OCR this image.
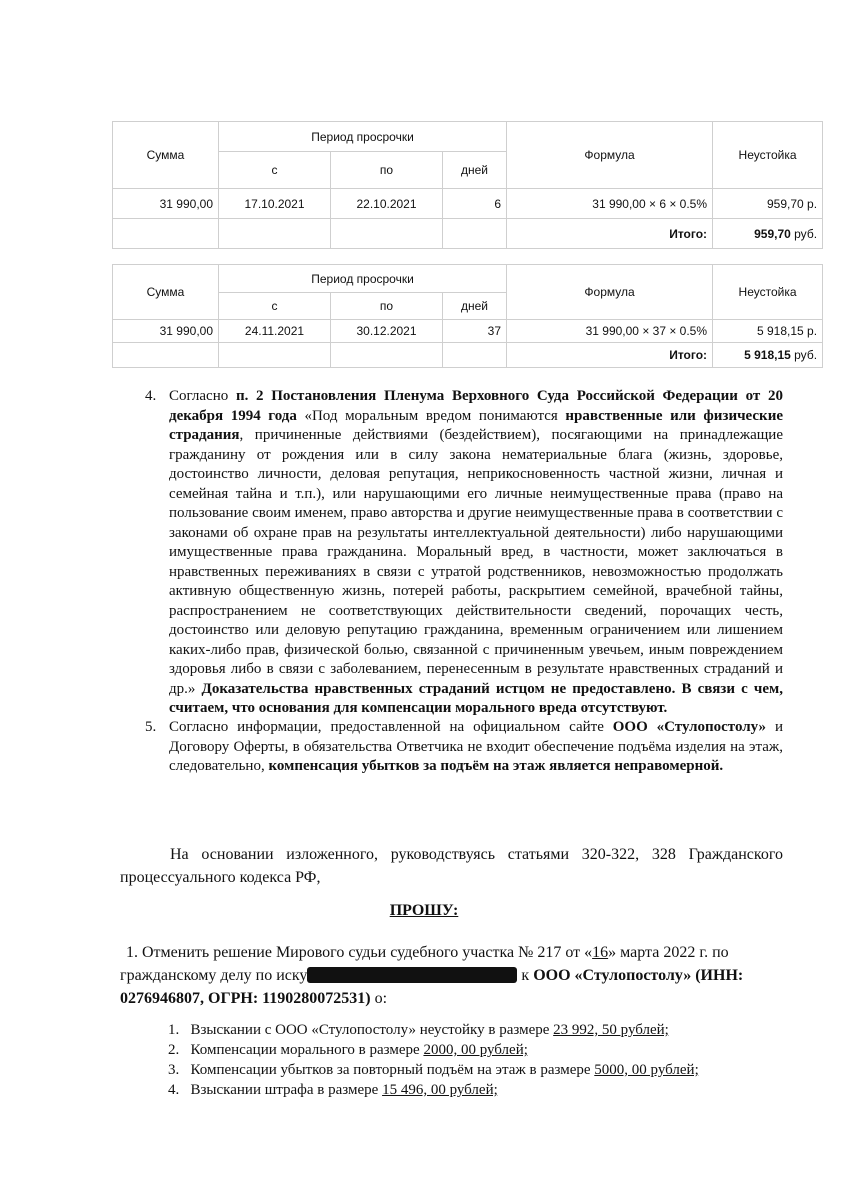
Сумма	Период просрочки			Формула	Неустойка
	с	по	дней		
31 990,00	17.10.2021	22.10.2021	6	31 990,00 × 6 × 0.5%	959,70 р.
				Итого:	959,70 руб.
Сумма	Период просрочки			Формула	Неустойка
	с	по	дней		
31 990,00	24.11.2021	30.12.2021	37	31 990,00 × 37 × 0.5%	5 918,15 р.
				Итого:	5 918,15 руб.
4. Согласно п. 2 Постановления Пленума Верховного Суда Российской Федерации от 20 декабря 1994 года «Под моральным вредом понимаются нравственные или физические страдания, причиненные действиями (бездействием), посягающими на принадлежащие гражданину от рождения или в силу закона нематериальные блага (жизнь, здоровье, достоинство личности, деловая репутация, неприкосновенность частной жизни, личная и семейная тайна и т.п.), или нарушающими его личные неимущественные права (право на пользование своим именем, право авторства и другие неимущественные права в соответствии с законами об охране прав на результаты интеллектуальной деятельности) либо нарушающими имущественные права гражданина. Моральный вред, в частности, может заключаться в нравственных переживаниях в связи с утратой родственников, невозможностью продолжать активную общественную жизнь, потерей работы, раскрытием семейной, врачебной тайны, распространением не соответствующих действительности сведений, порочащих честь, достоинство или деловую репутацию гражданина, временным ограничением или лишением каких-либо прав, физической болью, связанной с причиненным увечьем, иным повреждением здоровья либо в связи с заболеванием, перенесенным в результате нравственных страданий и др.» Доказательства нравственных страданий истцом не предоставлено. В связи с чем, считаем, что основания для компенсации морального вреда отсутствуют.
5. Согласно информации, предоставленной на официальном сайте ООО «Стулопостолу» и Договору Оферты, в обязательства Ответчика не входит обеспечение подъёма изделия на этаж, следовательно, компенсация убытков за подъём на этаж является неправомерной.
На основании изложенного, руководствуясь статьями 320-322, 328 Гражданского процессуального кодекса РФ,
ПРОШУ:
1. Отменить решение Мирового судьи судебного участка № 217 от «16» марта 2022 г. по гражданскому делу по иску	к ООО «Стулопостолу» (ИНН: 0276946807, ОГРН: 1190280072531) о:
1. Взыскании с ООО «Стулопостолу» неустойку в размере 23 992, 50 рублей;
2. Компенсации морального в размере 2000, 00 рублей;
3. Компенсации убытков за повторный подъём на этаж в размере 5000, 00 рублей;
4. Взыскании штрафа в размере 15 496, 00 рублей;
